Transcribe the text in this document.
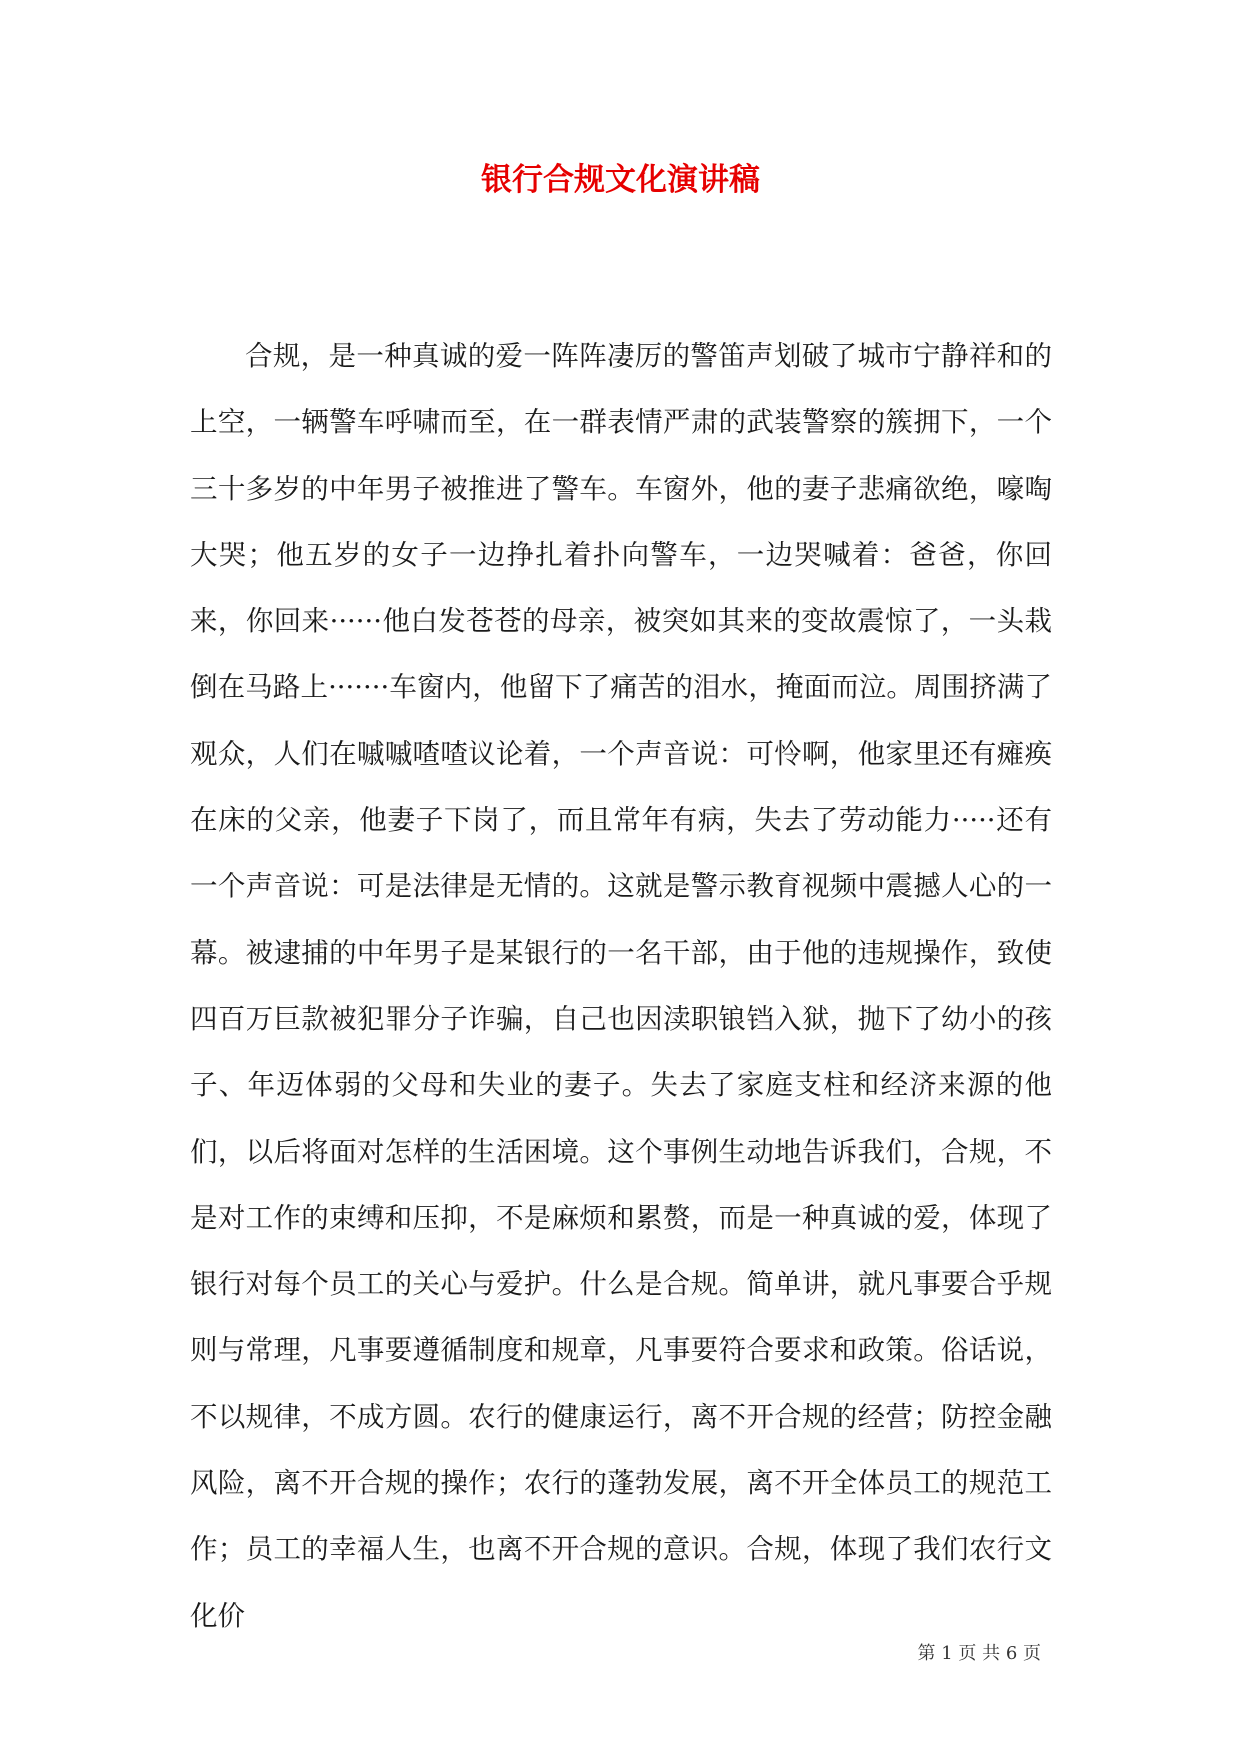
银行合规文化演讲稿

合规，是一种真诚的爱一阵阵凄厉的警笛声划破了城市宁静祥和的上空，一辆警车呼啸而至，在一群表情严肃的武装警察的簇拥下，一个三十多岁的中年男子被推进了警车。车窗外，他的妻子悲痛欲绝，嚎啕大哭；他五岁的女子一边挣扎着扑向警车，一边哭喊着：爸爸，你回来，你回来······他白发苍苍的母亲，被突如其来的变故震惊了，一头栽倒在马路上·······车窗内，他留下了痛苦的泪水，掩面而泣。周围挤满了观众，人们在嘁嘁喳喳议论着，一个声音说：可怜啊，他家里还有瘫痪在床的父亲，他妻子下岗了，而且常年有病，失去了劳动能力·····还有一个声音说：可是法律是无情的。这就是警示教育视频中震撼人心的一幕。被逮捕的中年男子是某银行的一名干部，由于他的违规操作，致使四百万巨款被犯罪分子诈骗，自己也因渎职锒铛入狱，抛下了幼小的孩子、年迈体弱的父母和失业的妻子。失去了家庭支柱和经济来源的他们，以后将面对怎样的生活困境。这个事例生动地告诉我们，合规，不是对工作的束缚和压抑，不是麻烦和累赘，而是一种真诚的爱，体现了银行对每个员工的关心与爱护。什么是合规。简单讲，就凡事要合乎规则与常理，凡事要遵循制度和规章，凡事要符合要求和政策。俗话说，不以规律，不成方圆。农行的健康运行，离不开合规的经营；防控金融风险，离不开合规的操作；农行的蓬勃发展，离不开全体员工的规范工作；员工的幸福人生，也离不开合规的意识。合规，体现了我们农行文化价

第 1 页 共 6 页
